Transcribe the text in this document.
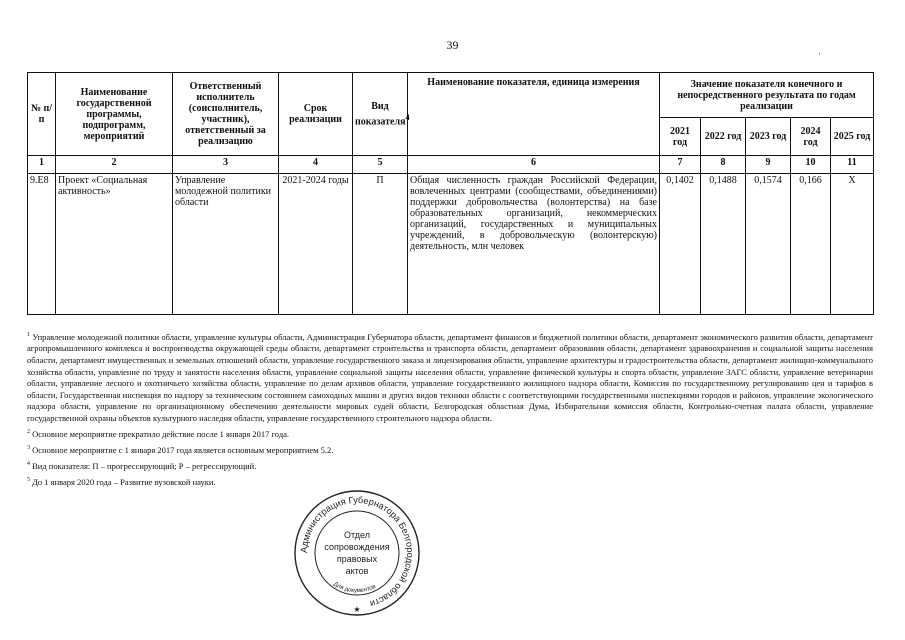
39	ˌ
№ п/п	Наименование государственной программы, подпрограмм, мероприятий	Ответственный исполнитель (соисполнитель, участник), ответственный за реализацию	Срок реализации	Вид показателя$^4$	Наименование показателя, единица измерения	Значение показателя конечного и непосредственного результата по годам реализации				
						2021 год	2022 год	2023 год	2024 год	2025 год
1	2	3	4	5	6	7	8	9	10	11
9.Е8	Проект «Социальная активность»	Управление молодежной политики области	2021-2024 годы	П	Общая численность граждан Российской Федерации, вовлеченных центрами (сообществами, объединениями) поддержки добровольчества (волонтерства) на базе образовательных организаций, некоммерческих организаций, государственных и муниципальных учреждений, в добровольческую (волонтерскую) деятельность, млн человек	0,1402	0,1488	0,1574	0,166	Х

$^1$ Управление молодежной политики области, управление культуры области, Администрация Губернатора области, департамент финансов и бюджетной политики области, департамент экономического развития области, департамент агропромышленного комплекса и воспроизводства окружающей среды области, департамент строительства и транспорта области, департамент образования области, департамент здравоохранения и социальной защиты населения области, департамент имущественных и земельных отношений области, управление государственного заказа и лицензирования области, управление архитектуры и градостроительства области, департамент жилищно-коммунального хозяйства области, управление по труду и занятости населения области, управление социальной защиты населения области, управление физической культуры и спорта области, управление ЗАГС области, управление ветеринарии области, управление лесного и охотничьего хозяйства области, управление по делам архивов области, управление государственного жилищного надзора области, Комиссия по государственному регулированию цен и тарифов в области, Государственная инспекция по надзору за техническим состоянием самоходных машин и других видов техники области с соответствующими государственными инспекциями городов и районов, управление экологического надзора области, управление по организационному обеспечению деятельности мировых судей области, Белгородская областная Дума, Избирательная комиссия области, Контрольно-счетная палата области, управление государственной охраны объектов культурного наследия области, управление государственного строительного надзора области.

$^2$ Основное мероприятие прекратило действие после 1 января 2017 года.

$^3$ Основное мероприятие с 1 января 2017 года является основным мероприятием 5.2.

$^4$ Вид показателя: П – прогрессирующий; Р – регрессирующий.

$^5$ До 1 января 2020 года – Развитие вузовской науки.

Администрация Губернатора Белгородской области
Для документов
Отдел
сопровождения
правовых
актов
★
